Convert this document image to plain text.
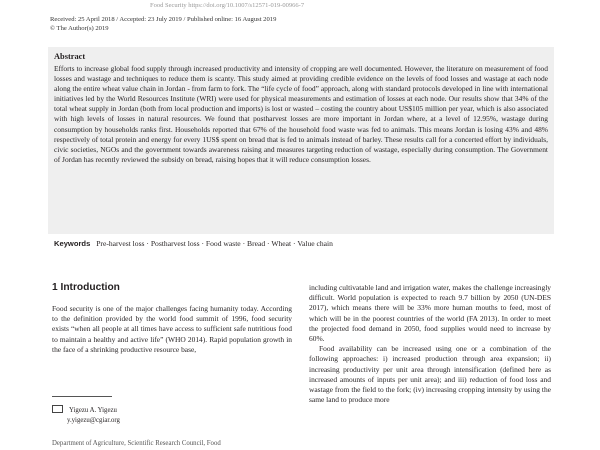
Food Security https://doi.org/10.1007/s12571-019-00966-7
Received: 25 April 2018 / Accepted: 23 July 2019 / Published online: 16 August 2019
© The Author(s) 2019
Abstract
Efforts to increase global food supply through increased productivity and intensity of cropping are well documented. However, the literature on measurement of food losses and wastage and techniques to reduce them is scanty. This study aimed at providing credible evidence on the levels of food losses and wastage at each node along the entire wheat value chain in Jordan - from farm to fork. The “life cycle of food” approach, along with standard protocols developed in line with international initiatives led by the World Resources Institute (WRI) were used for physical measurements and estimation of losses at each node. Our results show that 34% of the total wheat supply in Jordan (both from local production and imports) is lost or wasted – costing the country about US$105 million per year, which is also associated with high levels of losses in natural resources. We found that postharvest losses are more important in Jordan where, at a level of 12.95%, wastage during consumption by households ranks first. Households reported that 67% of the household food waste was fed to animals. This means Jordan is losing 43% and 48% respectively of total protein and energy for every 1US$ spent on bread that is fed to animals instead of barley. These results call for a concerted effort by individuals, civic societies, NGOs and the government towards awareness raising and measures targeting reduction of wastage, especially during consumption. The Government of Jordan has recently reviewed the subsidy on bread, raising hopes that it will reduce consumption losses.
Keywords Pre-harvest loss · Postharvest loss · Food waste · Bread · Wheat · Value chain
1 Introduction

Food security is one of the major challenges facing humanity today. According to the definition provided by the world food summit of 1996, food security exists “when all people at all times have access to sufficient safe nutritious food to maintain a healthy and active life” (WHO 2014). Rapid population growth in the face of a shrinking productive resource base,

including cultivatable land and irrigation water, makes the challenge increasingly difficult. World population is expected to reach 9.7 billion by 2050 (UN-DES 2017), which means there will be 33% more human mouths to feed, most of which will be in the poorest countries of the world (FA 2013). In order to meet the projected food demand in 2050, food supplies would need to increase by 60%.

Food availability can be increased using one or a combination of the following approaches: i) increased production through area expansion; ii) increasing productivity per unit area through intensification (defined here as increased amounts of inputs per unit area); and iii) reduction of food loss and wastage from the field to the fork; (iv) increasing cropping intensity by using the same land to produce more

Yigezu A. Yigezu
y.yigezu@cgiar.org
Department of Agriculture, Scientific Research Council, Food
